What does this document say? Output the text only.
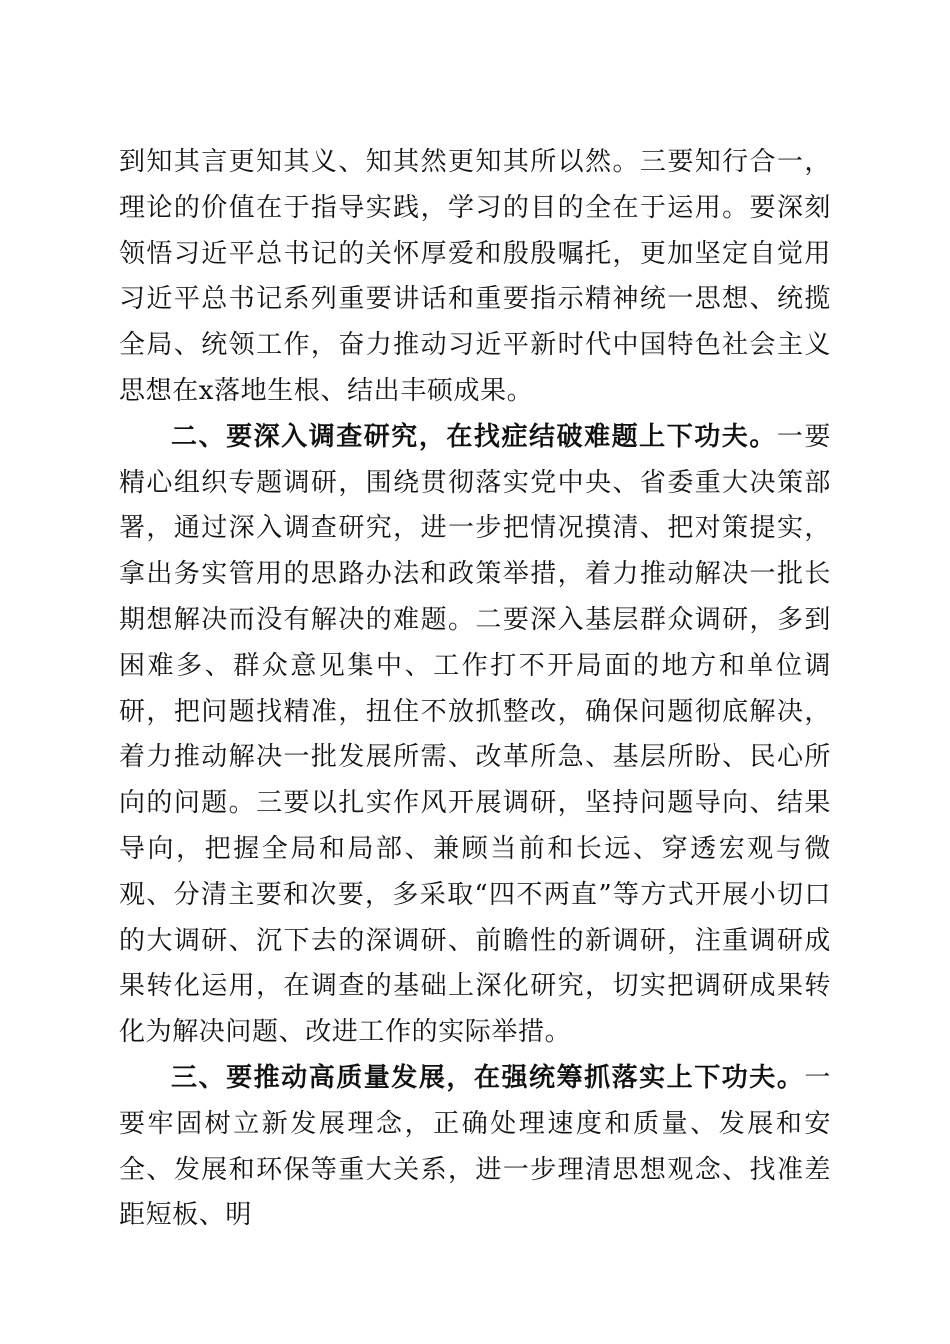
到知其言更知其义、知其然更知其所以然。三要知行合一，理论的价值在于指导实践，学习的目的全在于运用。要深刻领悟习近平总书记的关怀厚爱和殷殷嘱托，更加坚定自觉用习近平总书记系列重要讲话和重要指示精神统一思想、统揽全局、统领工作，奋力推动习近平新时代中国特色社会主义思想在x落地生根、结出丰硕成果。

二、要深入调查研究，在找症结破难题上下功夫。一要精心组织专题调研，围绕贯彻落实党中央、省委重大决策部署，通过深入调查研究，进一步把情况摸清、把对策提实，拿出务实管用的思路办法和政策举措，着力推动解决一批长期想解决而没有解决的难题。二要深入基层群众调研，多到困难多、群众意见集中、工作打不开局面的地方和单位调研，把问题找精准，扭住不放抓整改，确保问题彻底解决，着力推动解决一批发展所需、改革所急、基层所盼、民心所向的问题。三要以扎实作风开展调研，坚持问题导向、结果导向，把握全局和局部、兼顾当前和长远、穿透宏观与微观、分清主要和次要，多采取“四不两直”等方式开展小切口的大调研、沉下去的深调研、前瞻性的新调研，注重调研成果转化运用，在调查的基础上深化研究，切实把调研成果转化为解决问题、改进工作的实际举措。

三、要推动高质量发展，在强统筹抓落实上下功夫。一要牢固树立新发展理念，正确处理速度和质量、发展和安全、发展和环保等重大关系，进一步理清思想观念、找准差距短板、明
